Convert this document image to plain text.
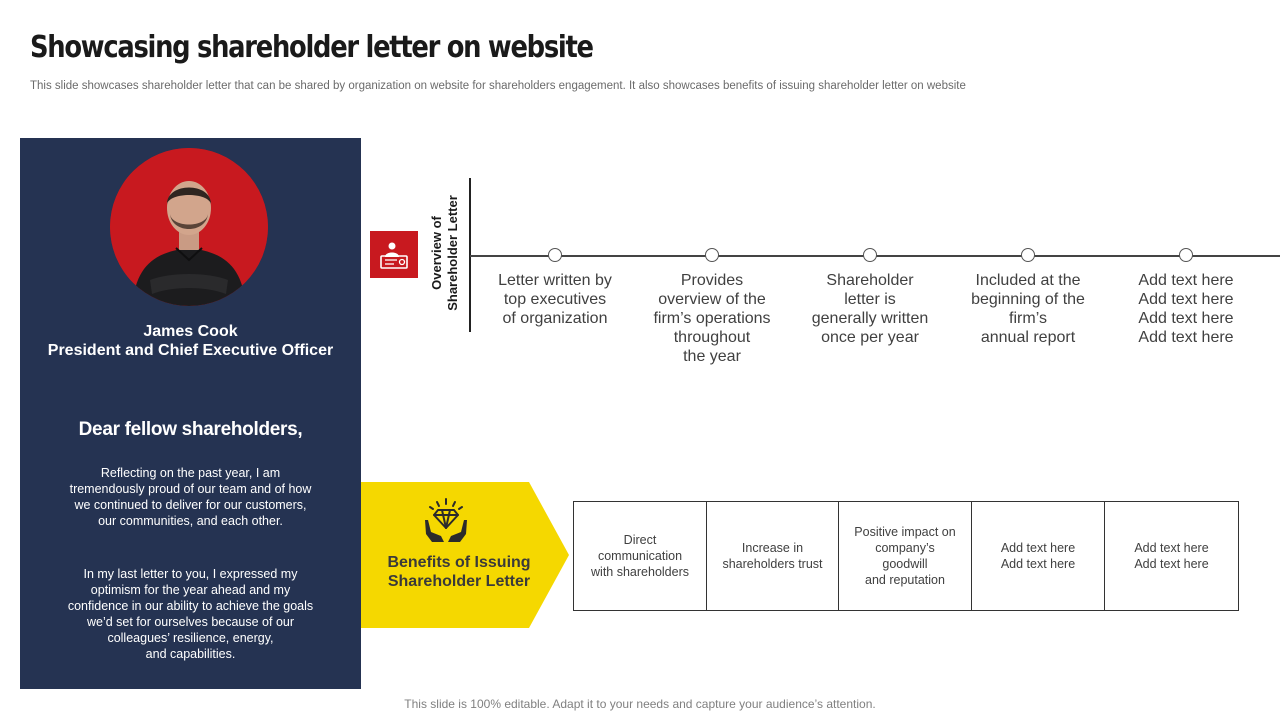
Showcasing shareholder letter on website
This slide showcases shareholder letter that can be shared by organization on website for shareholders engagement. It also showcases benefits of issuing shareholder letter on website
James Cook
President and Chief Executive Officer
Dear fellow shareholders,
Reflecting on the past year, I am
tremendously proud of our team and of how
we continued to deliver for our customers,
our communities, and each other.
In my last letter to you, I expressed my
optimism for the year ahead and my
confidence in our ability to achieve the goals
we’d set for ourselves because of our
colleagues’ resilience, energy,
and capabilities.
Overview of
Shareholder Letter
Letter written by
top executives
of organization
Provides
overview of the
firm’s operations
throughout
the year
Shareholder
letter is
generally written
once per year
Included at the
beginning of the
firm’s
annual report
Add text here
Add text here
Add text here
Add text here
Direct
communication
with shareholders
Increase in
shareholders trust
Positive impact on
company’s
goodwill
and reputation
Add text here
Add text here
Add text here
Add text here
Benefits of Issuing
Shareholder Letter
This slide is 100% editable. Adapt it to your needs and capture your audience’s attention.
